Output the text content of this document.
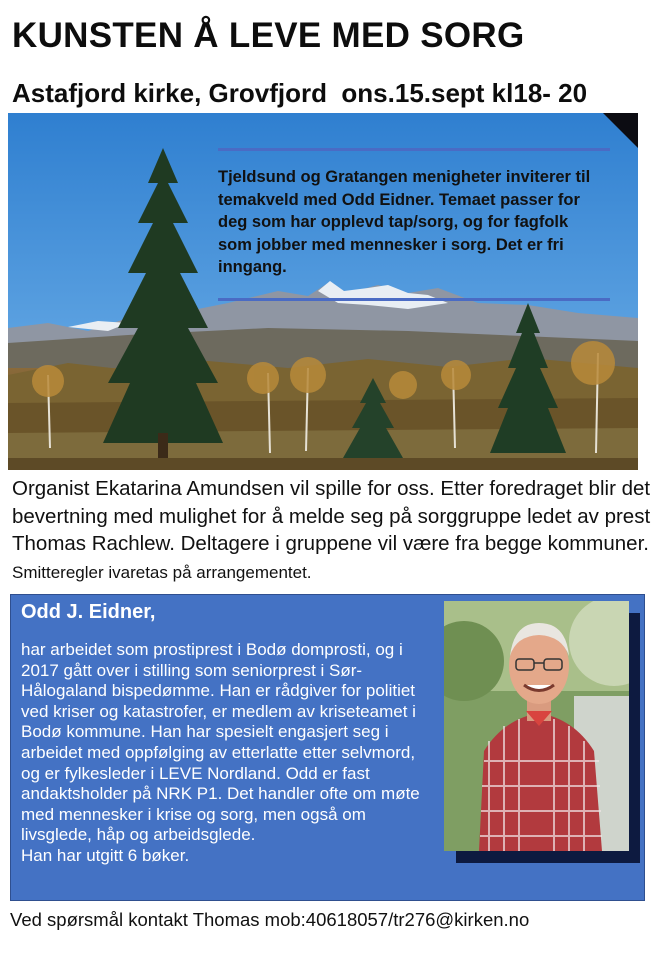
KUNSTEN Å LEVE MED SORG
Astafjord kirke, Grovfjord  ons.15.sept kl18- 20
Tjeldsund og Gratangen menigheter inviterer til temakveld med Odd Eidner. Temaet passer for deg som har opplevd tap/sorg, og for fagfolk som jobber med mennesker i sorg. Det er fri inngang.
Organist Ekatarina Amundsen vil spille for oss. Etter foredraget blir det bevertning med mulighet for å melde seg på sorggruppe ledet av prest Thomas Rachlew. Deltagere i gruppene vil være fra begge kommuner. Smitteregler ivaretas på arrangementet.
Odd J. Eidner,
har arbeidet som prostiprest i Bodø domprosti, og i 2017 gått over i stilling som seniorprest i Sør-Hålogaland bispedømme. Han er rådgiver for politiet ved kriser og katastrofer, er medlem av kriseteamet i Bodø kommune. Han har spesielt engasjert seg i arbeidet med oppfølging av etterlatte etter selvmord, og er fylkesleder i LEVE Nordland. Odd er fast andaktsholder på NRK P1. Det handler ofte om møte med mennesker i krise og sorg, men også om livsglede, håp og arbeidsglede.
Han har utgitt 6 bøker.
Ved spørsmål kontakt Thomas mob:40618057/tr276@kirken.no
